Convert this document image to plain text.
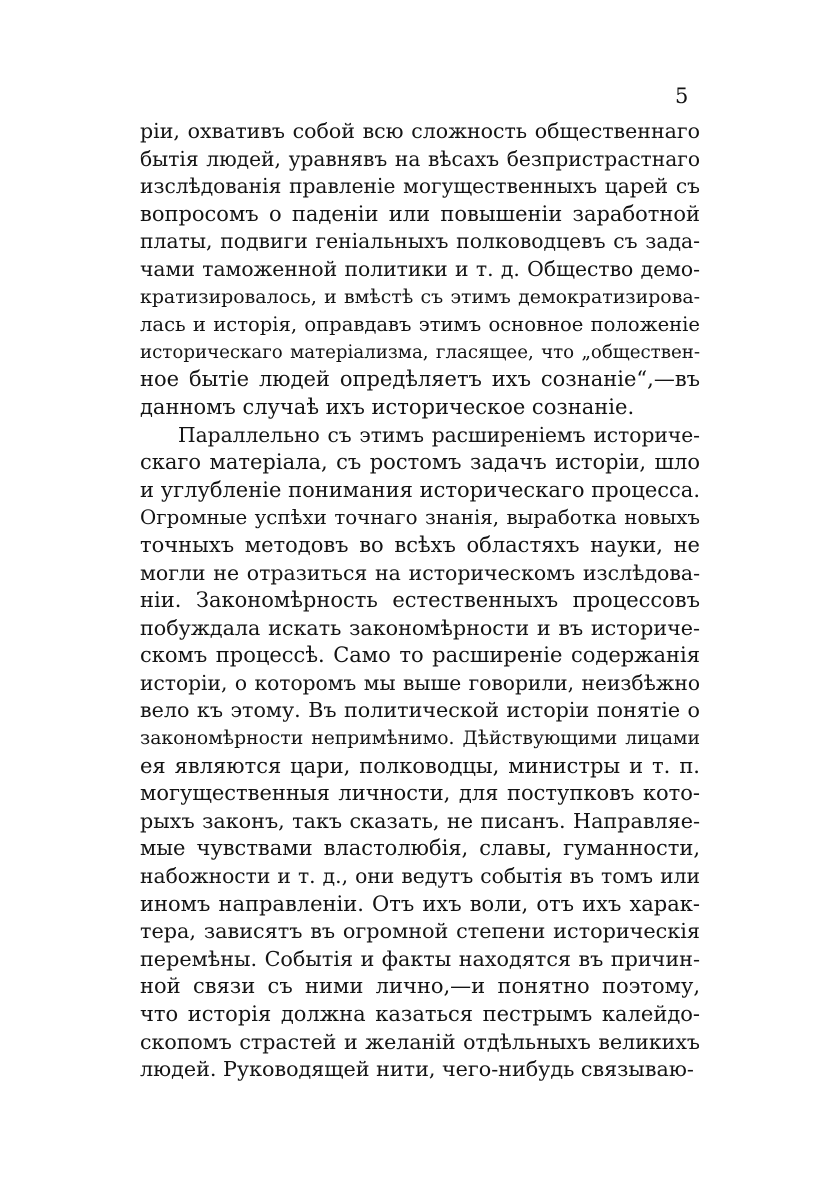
5
рiи, охвативъ собой всю сложность общественнаго
бытiя людей, уравнявъ на вѣсахъ безпристрастнаго
изслѣдованiя правленiе могущественныхъ царей съ
вопросомъ о паденiи или повышенiи заработной
платы, подвиги генiальныхъ полководцевъ съ зада-
чами таможенной политики и т. д. Общество демо-
кратизировалось, и вмѣстѣ съ этимъ демократизирова-
лась и исторiя, оправдавъ этимъ основное положенiе
историческаго матерiализма, гласящее, что „обществен-
ное бытiе людей опредѣляетъ ихъ сознанiе“,—въ
данномъ случаѣ ихъ историческое сознанiе.
Параллельно съ этимъ расширенiемъ историче-
скаго матерiала, съ ростомъ задачъ исторiи, шло
и углубленiе понимания историческаго процесса.
Огромные успѣхи точнаго знанiя, выработка новыхъ
точныхъ методовъ во всѣхъ областяхъ науки, не
могли не отразиться на историческомъ изслѣдова-
нiи. Закономѣрность естественныхъ процессовъ
побуждала искать закономѣрности и въ историче-
скомъ процессѣ. Само то расширенiе содержанiя
исторiи, о которомъ мы выше говорили, неизбѣжно
вело къ этому. Въ политической исторiи понятiе о
закономѣрности непримѣнимо. Дѣйствующими лицами
ея являются цари, полководцы, министры и т. п.
могущественныя личности, для поступковъ кото-
рыхъ законъ, такъ сказать, не писанъ. Направляе-
мые чувствами властолюбiя, славы, гуманности,
набожности и т. д., они ведутъ событiя въ томъ или
иномъ направленiи. Отъ ихъ воли, отъ ихъ харак-
тера, зависятъ въ огромной степени историческiя
перемѣны. Событiя и факты находятся въ причин-
ной связи съ ними лично,—и понятно поэтому,
что исторiя должна казаться пестрымъ калейдо-
скопомъ страстей и желанiй отдѣльныхъ великихъ
людей. Руководящей нити, чего-нибудь связываю-
